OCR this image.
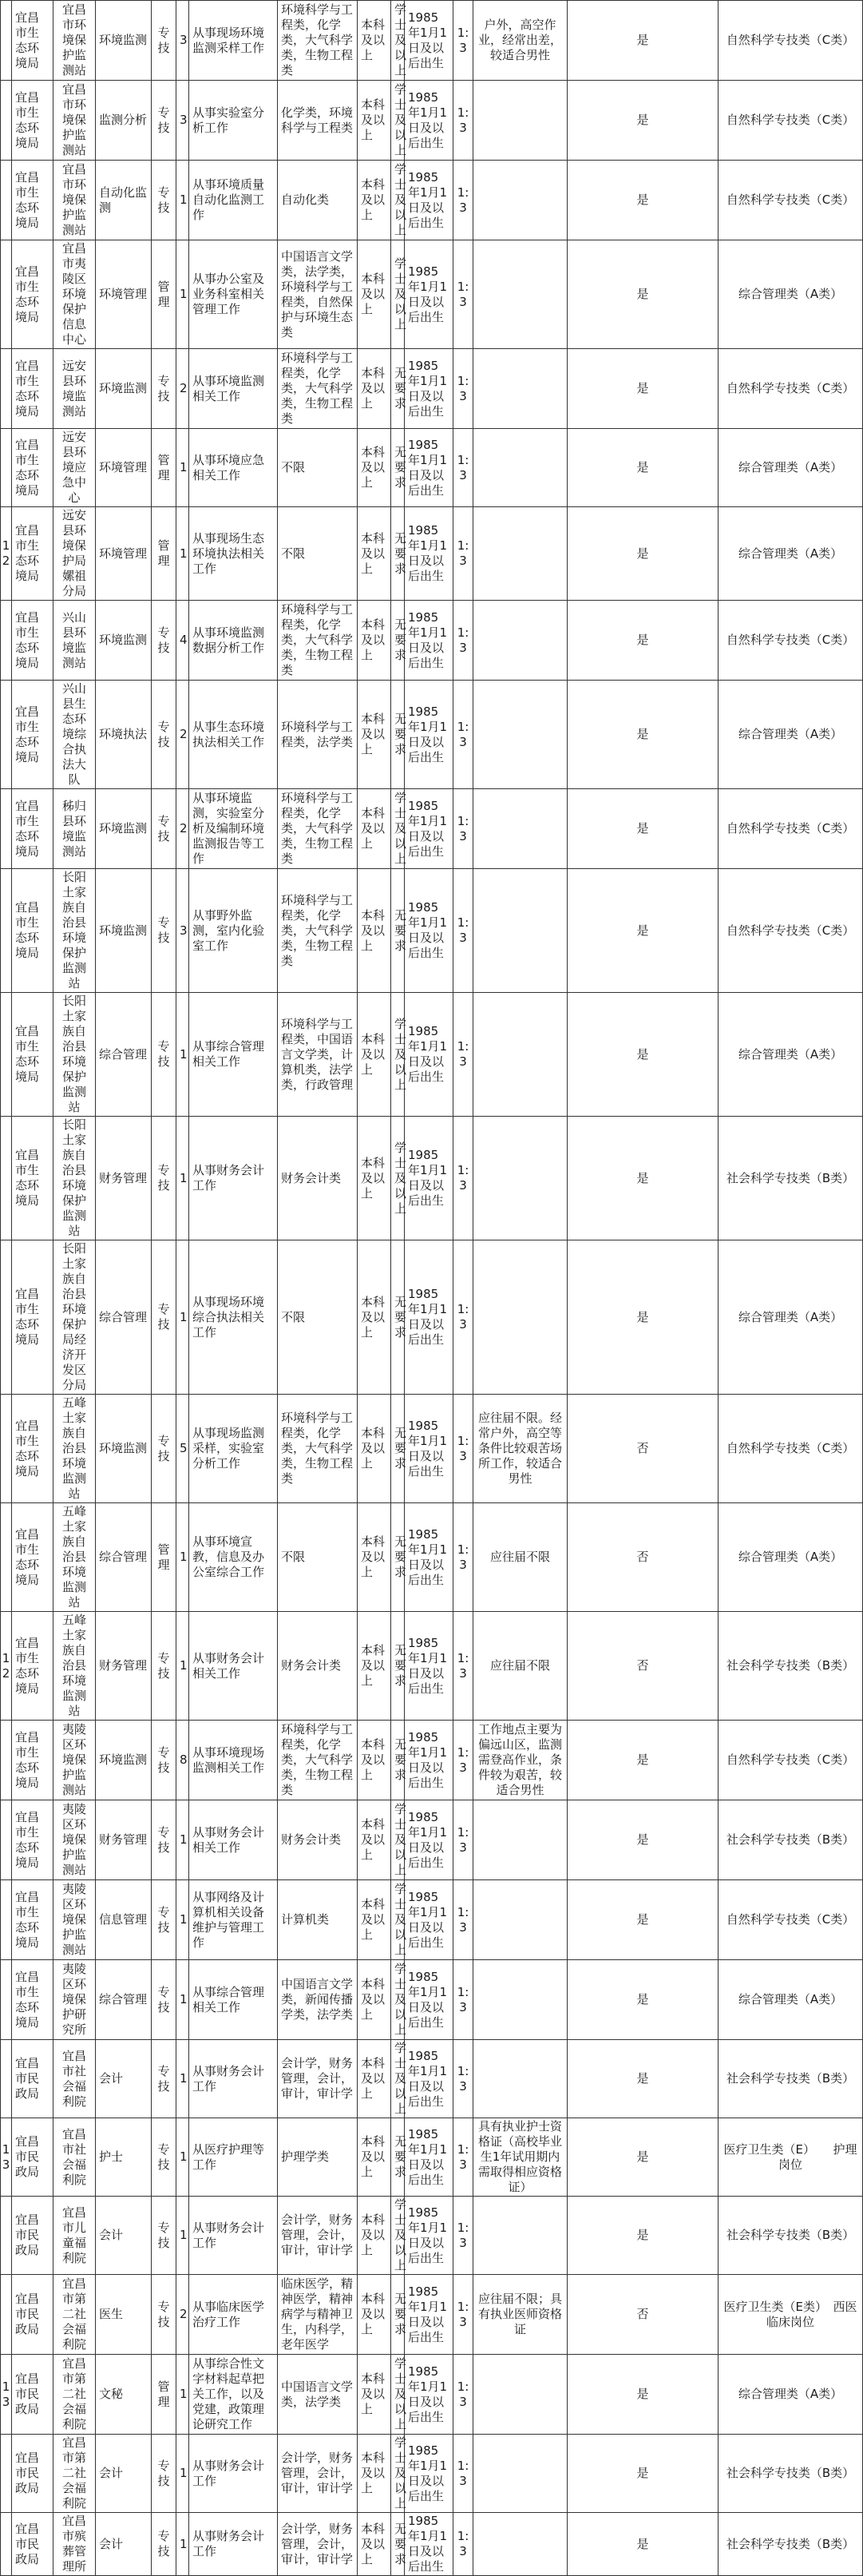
	宜昌市生态环境局	宜昌市环境保护监测站	环境监测	专技	3	从事现场环境监测采样工作	环境科学与工程类，化学类，大气科学类，生物工程类	本科及以上	学士及以上	1985年1月1日及以后出生	1:3	户外，高空作业，经常出差，较适合男性	是	自然科学专技类（C类）
	宜昌市生态环境局	宜昌市环境保护监测站	监测分析	专技	3	从事实验室分析工作	化学类，环境科学与工程类	本科及以上	学士及以上	1985年1月1日及以后出生	1:3		是	自然科学专技类（C类）
	宜昌市生态环境局	宜昌市环境保护监测站	自动化监测	专技	1	从事环境质量自动化监测工作	自动化类	本科及以上	学士及以上	1985年1月1日及以后出生	1:3		是	自然科学专技类（C类）
	宜昌市生态环境局	宜昌市夷陵区环境保护信息中心	环境管理	管理	1	从事办公室及业务科室相关管理工作	中国语言文学类，法学类，环境科学与工程类，自然保护与环境生态类	本科及以上	学士及以上	1985年1月1日及以后出生	1:3		是	综合管理类（A类）
	宜昌市生态环境局	远安县环境监测站	环境监测	专技	2	从事环境监测相关工作	环境科学与工程类，化学类，大气科学类，生物工程类	本科及以上	无要求	1985年1月1日及以后出生	1:3		是	自然科学专技类（C类）
	宜昌市生态环境局	远安县环境应急中心	环境管理	管理	1	从事环境应急相关工作	不限	本科及以上	无要求	1985年1月1日及以后出生	1:3		是	综合管理类（A类）
12	宜昌市生态环境局	远安县环境保护局嫘祖分局	环境管理	管理	1	从事现场生态环境执法相关工作	不限	本科及以上	无要求	1985年1月1日及以后出生	1:3		是	综合管理类（A类）
	宜昌市生态环境局	兴山县环境监测站	环境监测	专技	4	从事环境监测数据分析工作	环境科学与工程类，化学类，大气科学类，生物工程类	本科及以上	无要求	1985年1月1日及以后出生	1:3		是	自然科学专技类（C类）
	宜昌市生态环境局	兴山县生态环境综合执法大队	环境执法	专技	2	从事生态环境执法相关工作	环境科学与工程类，法学类	本科及以上	无要求	1985年1月1日及以后出生	1:3		是	综合管理类（A类）
	宜昌市生态环境局	秭归县环境监测站	环境监测	专技	2	从事环境监测，实验室分析及编制环境监测报告等工作	环境科学与工程类，化学类，大气科学类，生物工程类	本科及以上	学士及以上	1985年1月1日及以后出生	1:3		是	自然科学专技类（C类）
	宜昌市生态环境局	长阳土家族自治县环境保护监测站	环境监测	专技	3	从事野外监测，室内化验室工作	环境科学与工程类，化学类，大气科学类，生物工程类	本科及以上	无要求	1985年1月1日及以后出生	1:3		是	自然科学专技类（C类）
	宜昌市生态环境局	长阳土家族自治县环境保护监测站	综合管理	专技	1	从事综合管理相关工作	环境科学与工程类，中国语言文学类，计算机类，法学类，行政管理	本科及以上	学士及以上	1985年1月1日及以后出生	1:3		是	综合管理类（A类）
	宜昌市生态环境局	长阳土家族自治县环境保护监测站	财务管理	专技	1	从事财务会计工作	财务会计类	本科及以上	学士及以上	1985年1月1日及以后出生	1:3		是	社会科学专技类（B类）
	宜昌市生态环境局	长阳土家族自治县环境保护局经济开发区分局	综合管理	专技	1	从事现场环境综合执法相关工作	不限	本科及以上	无要求	1985年1月1日及以后出生	1:3		是	综合管理类（A类）
	宜昌市生态环境局	五峰土家族自治县环境监测站	环境监测	专技	5	从事现场监测采样，实验室分析工作	环境科学与工程类，化学类，大气科学类，生物工程类	本科及以上	无要求	1985年1月1日及以后出生	1:3	应往届不限。经常户外，高空等条件比较艰苦场所工作，较适合男性	否	自然科学专技类（C类）
	宜昌市生态环境局	五峰土家族自治县环境监测站	综合管理	管理	1	从事环境宣教，信息及办公室综合工作	不限	本科及以上	无要求	1985年1月1日及以后出生	1:3	应往届不限	否	综合管理类（A类）
12	宜昌市生态环境局	五峰土家族自治县环境监测站	财务管理	专技	1	从事财务会计相关工作	财务会计类	本科及以上	无要求	1985年1月1日及以后出生	1:3	应往届不限	否	社会科学专技类（B类）
	宜昌市生态环境局	夷陵区环境保护监测站	环境监测	专技	8	从事环境现场监测相关工作	环境科学与工程类，化学类，大气科学类，生物工程类	本科及以上	无要求	1985年1月1日及以后出生	1:3	工作地点主要为偏远山区，监测需登高作业，条件较为艰苦，较适合男性	是	自然科学专技类（C类）
	宜昌市生态环境局	夷陵区环境保护监测站	财务管理	专技	1	从事财务会计相关工作	财务会计类	本科及以上	学士及以上	1985年1月1日及以后出生	1:3		是	社会科学专技类（B类）
	宜昌市生态环境局	夷陵区环境保护监测站	信息管理	专技	1	从事网络及计算机相关设备维护与管理工作	计算机类	本科及以上	学士及以上	1985年1月1日及以后出生	1:3		是	自然科学专技类（C类）
	宜昌市生态环境局	夷陵区环境保护研究所	综合管理	专技	1	从事综合管理相关工作	中国语言文学类，新闻传播学类，法学类	本科及以上	学士及以上	1985年1月1日及以后出生	1:3		是	综合管理类（A类）
	宜昌市民政局	宜昌市社会福利院	会计	专技	1	从事财务会计工作	会计学，财务管理，会计，审计，审计学	本科及以上	学士及以上	1985年1月1日及以后出生	1:3		是	社会科学专技类（B类）
13	宜昌市民政局	宜昌市社会福利院	护士	专技	1	从医疗护理等工作	护理学类	本科及以上	无要求	1985年1月1日及以后出生	1:3	具有执业护士资格证（高校毕业生1年试用期内需取得相应资格证）	是	医疗卫生类（E）　　护理岗位
	宜昌市民政局	宜昌市儿童福利院	会计	专技	1	从事财务会计工作	会计学，财务管理，会计，审计，审计学	本科及以上	学士及以上	1985年1月1日及以后出生	1:3		是	社会科学专技类（B类）
	宜昌市民政局	宜昌市第二社会福利院	医生	专技	2	从事临床医学治疗工作	临床医学，精神医学，精神病学与精神卫生，内科学，老年医学	本科及以上	无要求	1985年1月1日及以后出生	1:3	应往届不限；具有执业医师资格证	否	医疗卫生类（E类）　西医临床岗位
13	宜昌市民政局	宜昌市第二社会福利院	文秘	管理	1	从事综合性文字材料起草把关工作，以及党建，政策理论研究工作	中国语言文学类，法学类	本科及以上	学士及以上	1985年1月1日及以后出生	1:3		是	综合管理类（A类）
	宜昌市民政局	宜昌市第二社会福利院	会计	专技	1	从事财务会计工作	会计学，财务管理，会计，审计，审计学	本科及以上	学士及以上	1985年1月1日及以后出生	1:3		是	社会科学专技类（B类）
	宜昌市民政局	宜昌市殡葬管理所	会计	专技	1	从事财务会计工作	会计学，财务管理，会计，审计，审计学	本科及以上	无要求	1985年1月1日及以后出生	1:3		是	社会科学专技类（B类）
